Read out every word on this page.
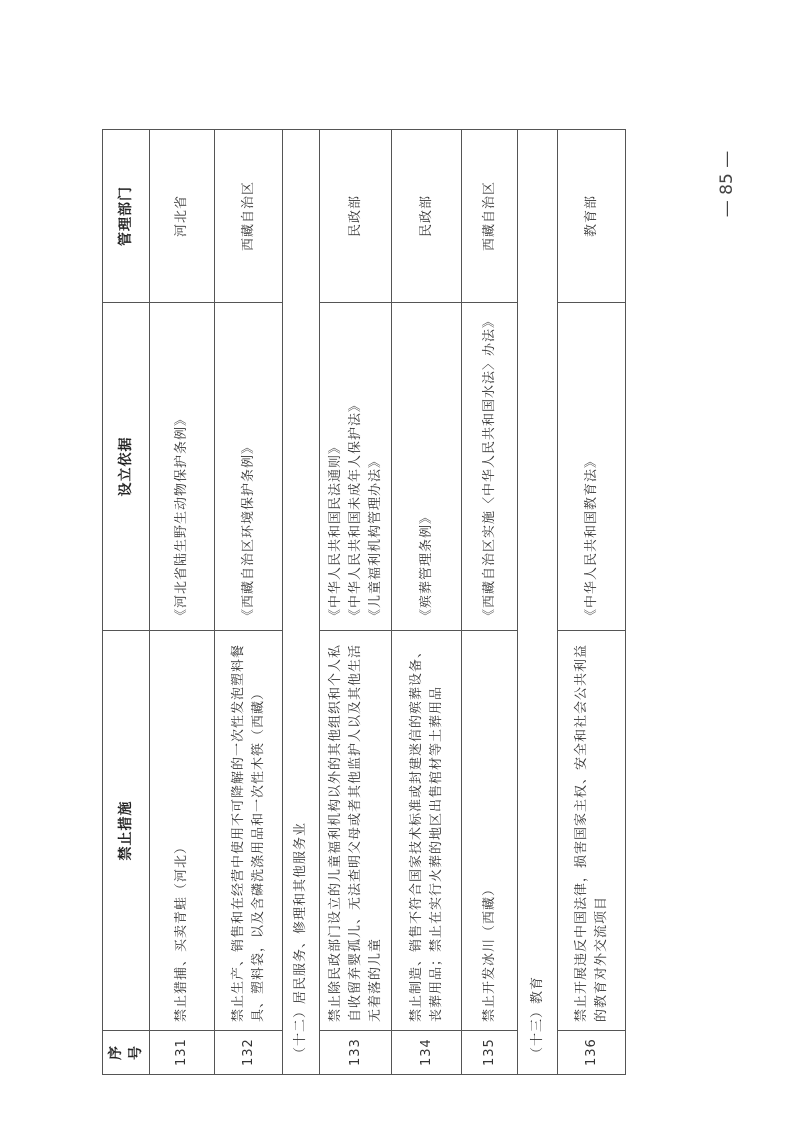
序号	禁止措施	设立依据	管理部门
131	禁止猎捕、买卖青蛙（河北）	《河北省陆生野生动物保护条例》	河北省
132	禁止生产、销售和在经营中使用不可降解的一次性发泡塑料餐具、塑料袋，以及含磷洗涤用品和一次性木筷（西藏）	《西藏自治区环境保护条例》	西藏自治区
（十二）居民服务、修理和其他服务业			
133	禁止除民政部门设立的儿童福利机构以外的其他组织和个人私自收留弃婴孤儿、无法查明父母或者其他监护人以及其他生活无着落的儿童	《中华人民共和国民法通则》 《中华人民共和国未成年人保护法》 《儿童福利机构管理办法》	民政部
134	禁止制造、销售不符合国家技术标准或封建迷信的殡葬设备、丧葬用品；禁止在实行火葬的地区出售棺材等土葬用品	《殡葬管理条例》	民政部
135	禁止开发冰川（西藏）	《西藏自治区实施〈中华人民共和国水法〉办法》	西藏自治区
（十三）教育			
136	禁止开展违反中国法律，损害国家主权、安全和社会公共利益的教育对外交流项目	《中华人民共和国教育法》	教育部	— 85 —
